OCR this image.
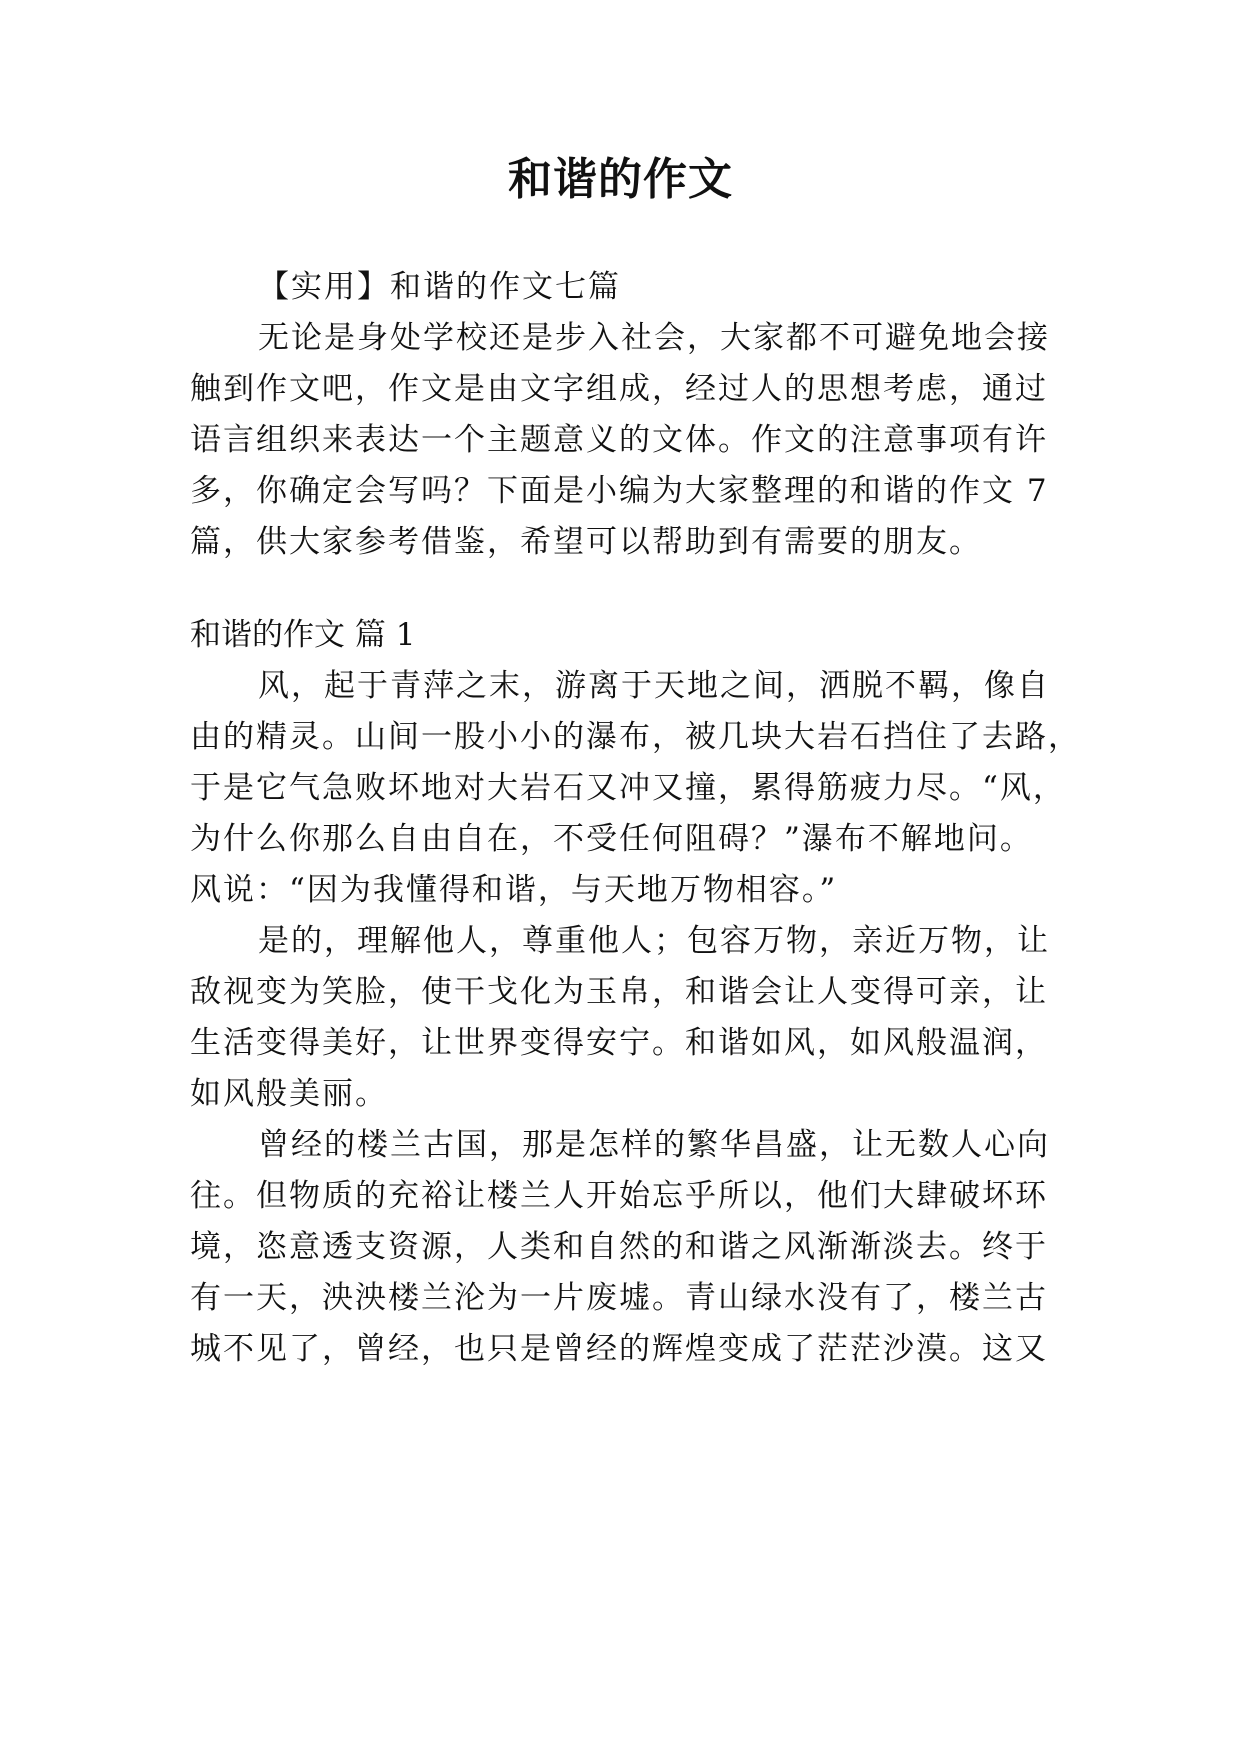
和谐的作文
【实用】和谐的作文七篇
无论是身处学校还是步入社会，大家都不可避免地会接
触到作文吧，作文是由文字组成，经过人的思想考虑，通过
语言组织来表达一个主题意义的文体。作文的注意事项有许
多，你确定会写吗？下面是小编为大家整理的和谐的作文 7
篇，供大家参考借鉴，希望可以帮助到有需要的朋友。
和谐的作文 篇 1
风，起于青萍之末，游离于天地之间，洒脱不羁，像自
由的精灵。山间一股小小的瀑布，被几块大岩石挡住了去路，
于是它气急败坏地对大岩石又冲又撞，累得筋疲力尽。“风，
为什么你那么自由自在，不受任何阻碍？”瀑布不解地问。
风说：“因为我懂得和谐，与天地万物相容。”
是的，理解他人，尊重他人；包容万物，亲近万物，让
敌视变为笑脸，使干戈化为玉帛，和谐会让人变得可亲，让
生活变得美好，让世界变得安宁。和谐如风，如风般温润，
如风般美丽。
曾经的楼兰古国，那是怎样的繁华昌盛，让无数人心向
往。但物质的充裕让楼兰人开始忘乎所以，他们大肆破坏环
境，恣意透支资源，人类和自然的和谐之风渐渐淡去。终于
有一天，泱泱楼兰沦为一片废墟。青山绿水没有了，楼兰古
城不见了，曾经，也只是曾经的辉煌变成了茫茫沙漠。这又
